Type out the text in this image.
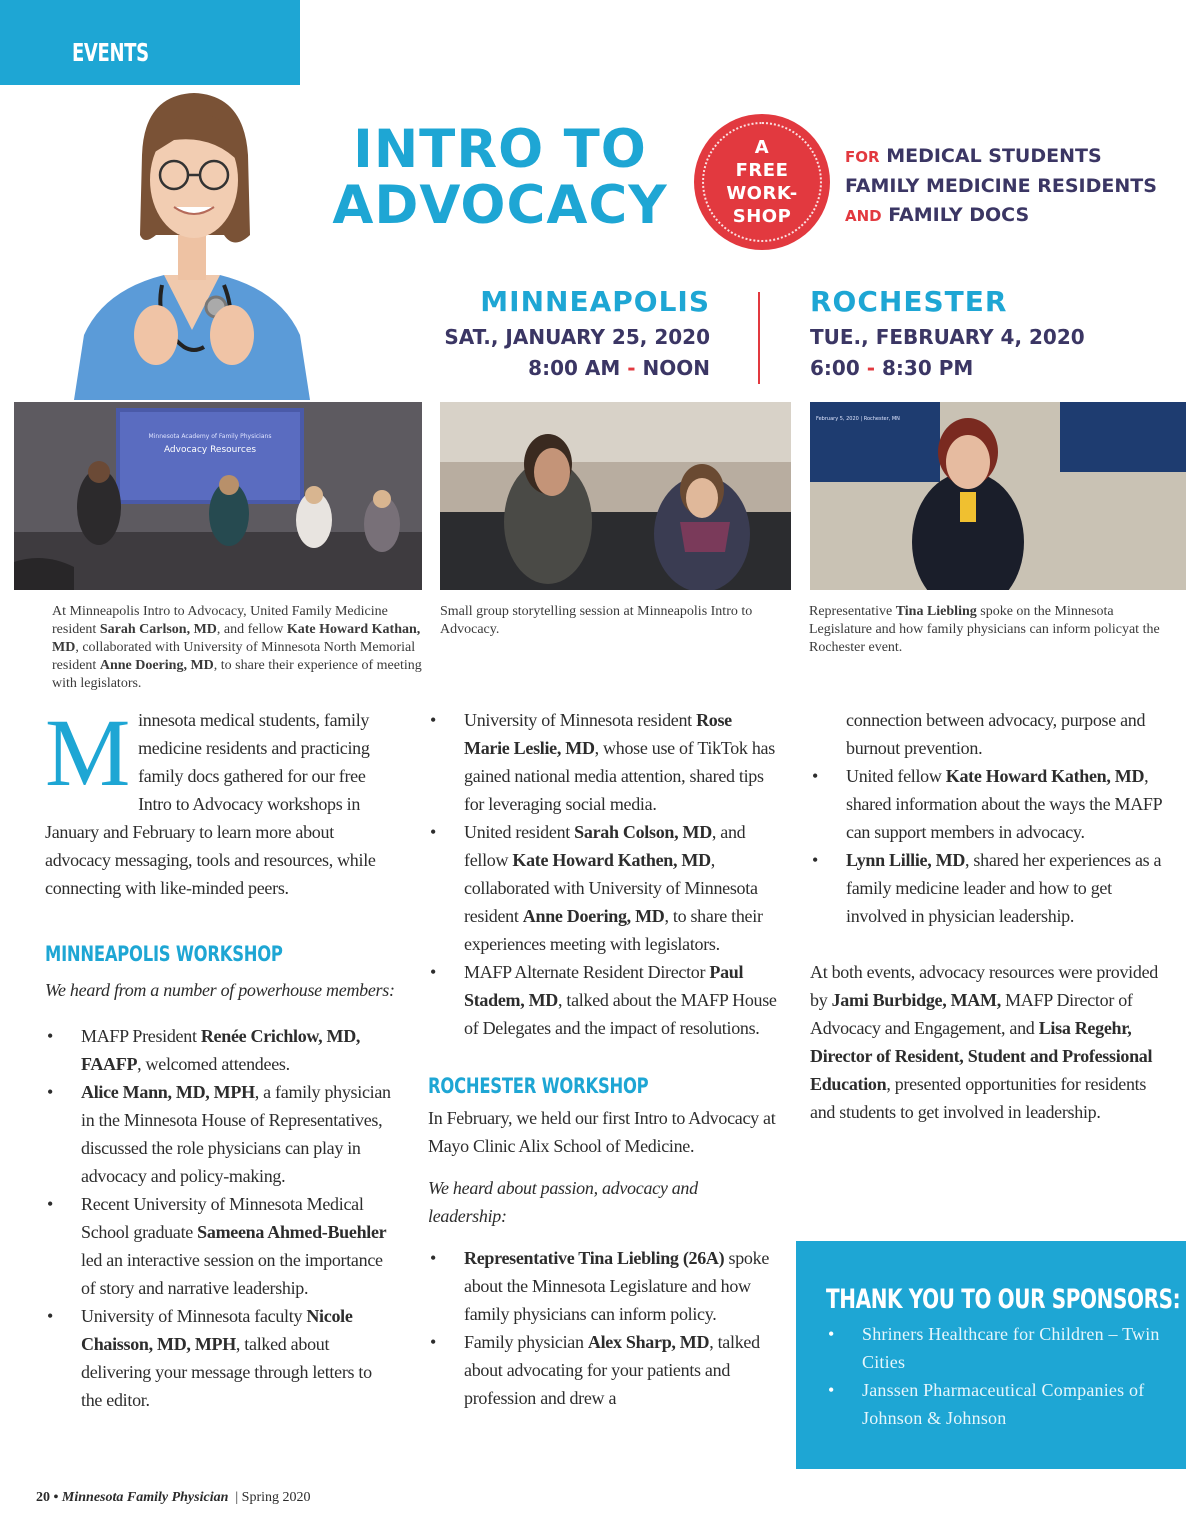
EVENTS
INTRO TO
ADVOCACY
A
FREE
WORK-
SHOP
FOR MEDICAL STUDENTS
FAMILY MEDICINE RESIDENTS
AND FAMILY DOCS
MINNEAPOLIS
SAT., JANUARY 25, 2020
8:00 AM - NOON
ROCHESTER
TUE., FEBRUARY 4, 2020
6:00 - 8:30 PM
Minnesota Academy of Family Physicians
Advocacy Resources
February 5, 2020 | Rochester, MN
At Minneapolis Intro to Advocacy, United Family Medicine resident Sarah Carlson, MD, and fellow Kate Howard Kathan, MD, collaborated with University of Minnesota North Memorial resident Anne Doering, MD, to share their experience of meeting with legislators.
Small group storytelling session at Minneapolis Intro to Advocacy.
Representative Tina Liebling spoke on the Minnesota Legislature and how family physicians can inform policyat the Rochester event.

Minnesota medical students, family medicine residents and practicing family docs gathered for our free Intro to Advocacy workshops in January and February to learn more about advocacy messaging, tools and resources, while connecting with like-minded peers.

MINNEAPOLIS WORKSHOP

We heard from a number of powerhouse members:

• MAFP President Renée Crichlow, MD, FAAFP, welcomed attendees.
• Alice Mann, MD, MPH, a family physician in the Minnesota House of Representatives, discussed the role physicians can play in advocacy and policy-making.
• Recent University of Minnesota Medical School graduate Sameena Ahmed-Buehler led an interactive session on the importance of story and narrative leadership.
• University of Minnesota faculty Nicole Chaisson, MD, MPH, talked about delivering your message through letters to the editor.
• University of Minnesota resident Rose Marie Leslie, MD, whose use of TikTok has gained national media attention, shared tips for leveraging social media.
• United resident Sarah Colson, MD, and fellow Kate Howard Kathen, MD, collaborated with University of Minnesota resident Anne Doering, MD, to share their experiences meeting with legislators.
• MAFP Alternate Resident Director Paul Stadem, MD, talked about the MAFP House of Delegates and the impact of resolutions.
ROCHESTER WORKSHOP

In February, we held our first Intro to Advocacy at Mayo Clinic Alix School of Medicine.

We heard about passion, advocacy and leadership:

• Representative Tina Liebling (26A) spoke about the Minnesota Legislature and how family physicians can inform policy.
• Family physician Alex Sharp, MD, talked about advocating for your patients and profession and drew a

connection between advocacy, purpose and burnout prevention.

• United fellow Kate Howard Kathen, MD, shared information about the ways the MAFP can support members in advocacy.
• Lynn Lillie, MD, shared her experiences as a family medicine leader and how to get involved in physician leadership.

At both events, advocacy resources were provided by Jami Burbidge, MAM, MAFP Director of Advocacy and Engagement, and Lisa Regehr, Director of Resident, Student and Professional Education, presented opportunities for residents and students to get involved in leadership.

THANK YOU TO OUR SPONSORS:
• Shriners Healthcare for Children – Twin Cities
• Janssen Pharmaceutical Companies of Johnson & Johnson
20 • Minnesota Family Physician | Spring 2020
